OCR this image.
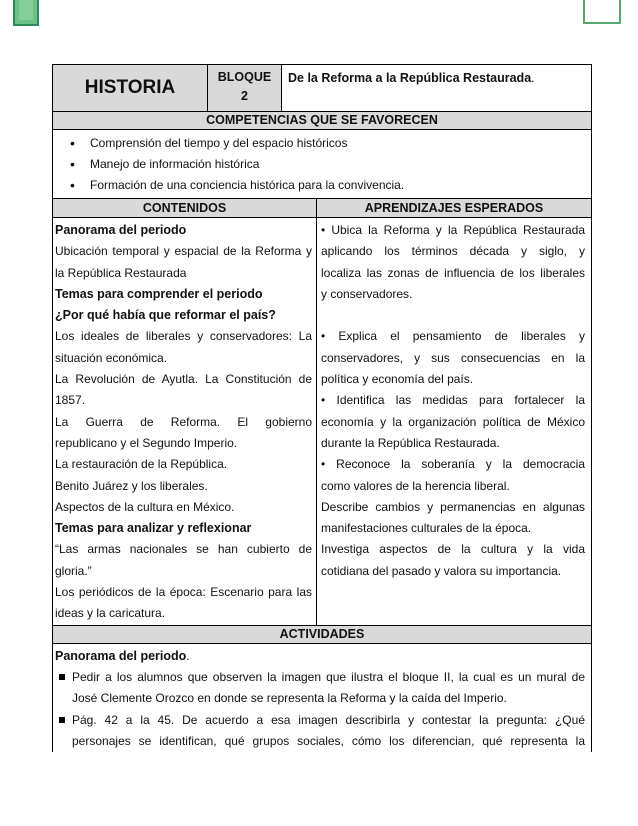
HISTORIA	BLOQUE
2
De la Reforma a la República Restaurada.
COMPETENCIAS QUE SE FAVORECEN
• Comprensión del tiempo y del espacio históricos
• Manejo de información histórica
• Formación de una conciencia histórica para la convivencia.
CONTENIDOS	APRENDIZAJES ESPERADOS
Panorama del periodo
Ubicación temporal y espacial de la Reforma y
la República Restaurada
Temas para comprender el periodo
¿Por qué había que reformar el país?
Los ideales de liberales y conservadores: La
situación económica.
La Revolución de Ayutla. La Constitución de
1857.
La Guerra de Reforma. El gobierno
republicano y el Segundo Imperio.
La restauración de la República.
Benito Juárez y los liberales.
Aspectos de la cultura en México.
Temas para analizar y reflexionar
“Las armas nacionales se han cubierto de
gloria.”
Los periódicos de la época: Escenario para las
ideas y la caricatura.
• Ubica la Reforma y la República Restaurada
aplicando los términos década y siglo, y
localiza las zonas de influencia de los liberales
y conservadores.
• Explica el pensamiento de liberales y
conservadores, y sus consecuencias en la
política y economía del país.
• Identifica las medidas para fortalecer la
economía y la organización política de México
durante la República Restaurada.
• Reconoce la soberanía y la democracia
como valores de la herencia liberal.
Describe cambios y permanencias en algunas
manifestaciones culturales de la época.
Investiga aspectos de la cultura y la vida
cotidiana del pasado y valora su importancia.
ACTIVIDADES
Panorama del periodo.
Pedir a los alumnos que observen la imagen que ilustra el bloque II, la cual es un mural de
José Clemente Orozco en donde se representa la Reforma y la caída del Imperio.
Pág. 42 a la 45. De acuerdo a esa imagen describirla y contestar la pregunta: ¿Qué
personajes se identifican, qué grupos sociales, cómo los diferencian, qué representa la
